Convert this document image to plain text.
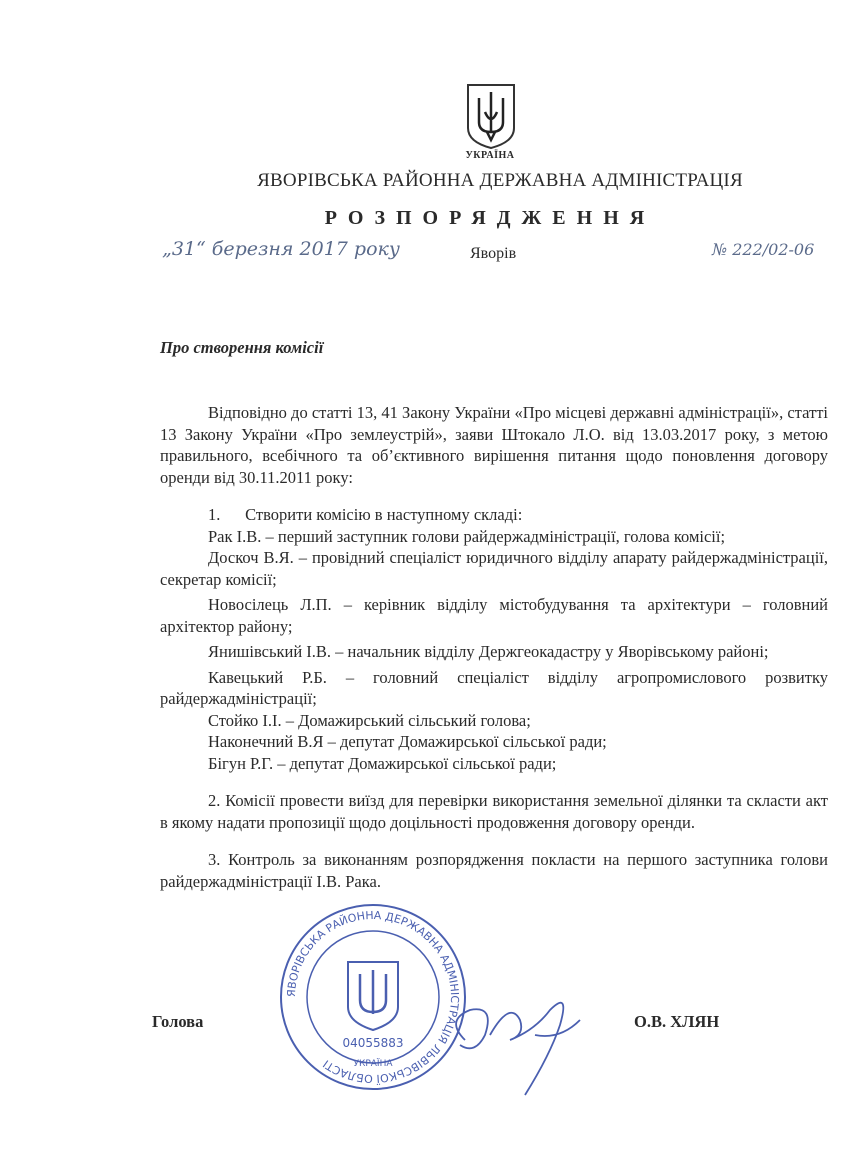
УКРАЇНА
ЯВОРІВСЬКА РАЙОННА ДЕРЖАВНА АДМІНІСТРАЦІЯ
РОЗПОРЯДЖЕННЯ
„31“ березня 2017 року	Яворів	№ 222/02-06
Про створення комісії

Відповідно до статті 13, 41 Закону України «Про місцеві державні адміністрації», статті 13 Закону України «Про землеустрій», заяви Штокало Л.О. від 13.03.2017 року, з метою правильного, всебічного та об’єктивного вирішення питання щодо поновлення договору оренди від 30.11.2011 року:

1.      Створити комісію в наступному складі:

Рак І.В. – перший заступник голови райдержадміністрації, голова комісії;

Доскоч В.Я. – провідний спеціаліст юридичного відділу апарату райдержадміністрації, секретар комісії;

Новосілець Л.П. – керівник відділу містобудування та архітектури – головний архітектор району;

Янишівський І.В. – начальник відділу Держгеокадастру у Яворівському районі;

Кавецький Р.Б. – головний спеціаліст відділу агропромислового розвитку райдержадміністрації;

Стойко І.І. – Домажирський сільський голова;

Наконечний В.Я – депутат Домажирської сільської ради;

Бігун Р.Г. – депутат Домажирської сільської ради;

2. Комісії провести виїзд для перевірки використання земельної ділянки та скласти акт в якому надати пропозиції щодо доцільності продовження договору оренди.

3. Контроль за виконанням розпорядження покласти на першого заступника голови райдержадміністрації І.В. Рака.

ЯВОРІВСЬКА РАЙОННА ДЕРЖАВНА АДМІНІСТРАЦІЯ ЛЬВІВСЬКОЇ ОБЛАСТІ
04055883
УКРАЇНА
Голова	О.В. ХЛЯН
